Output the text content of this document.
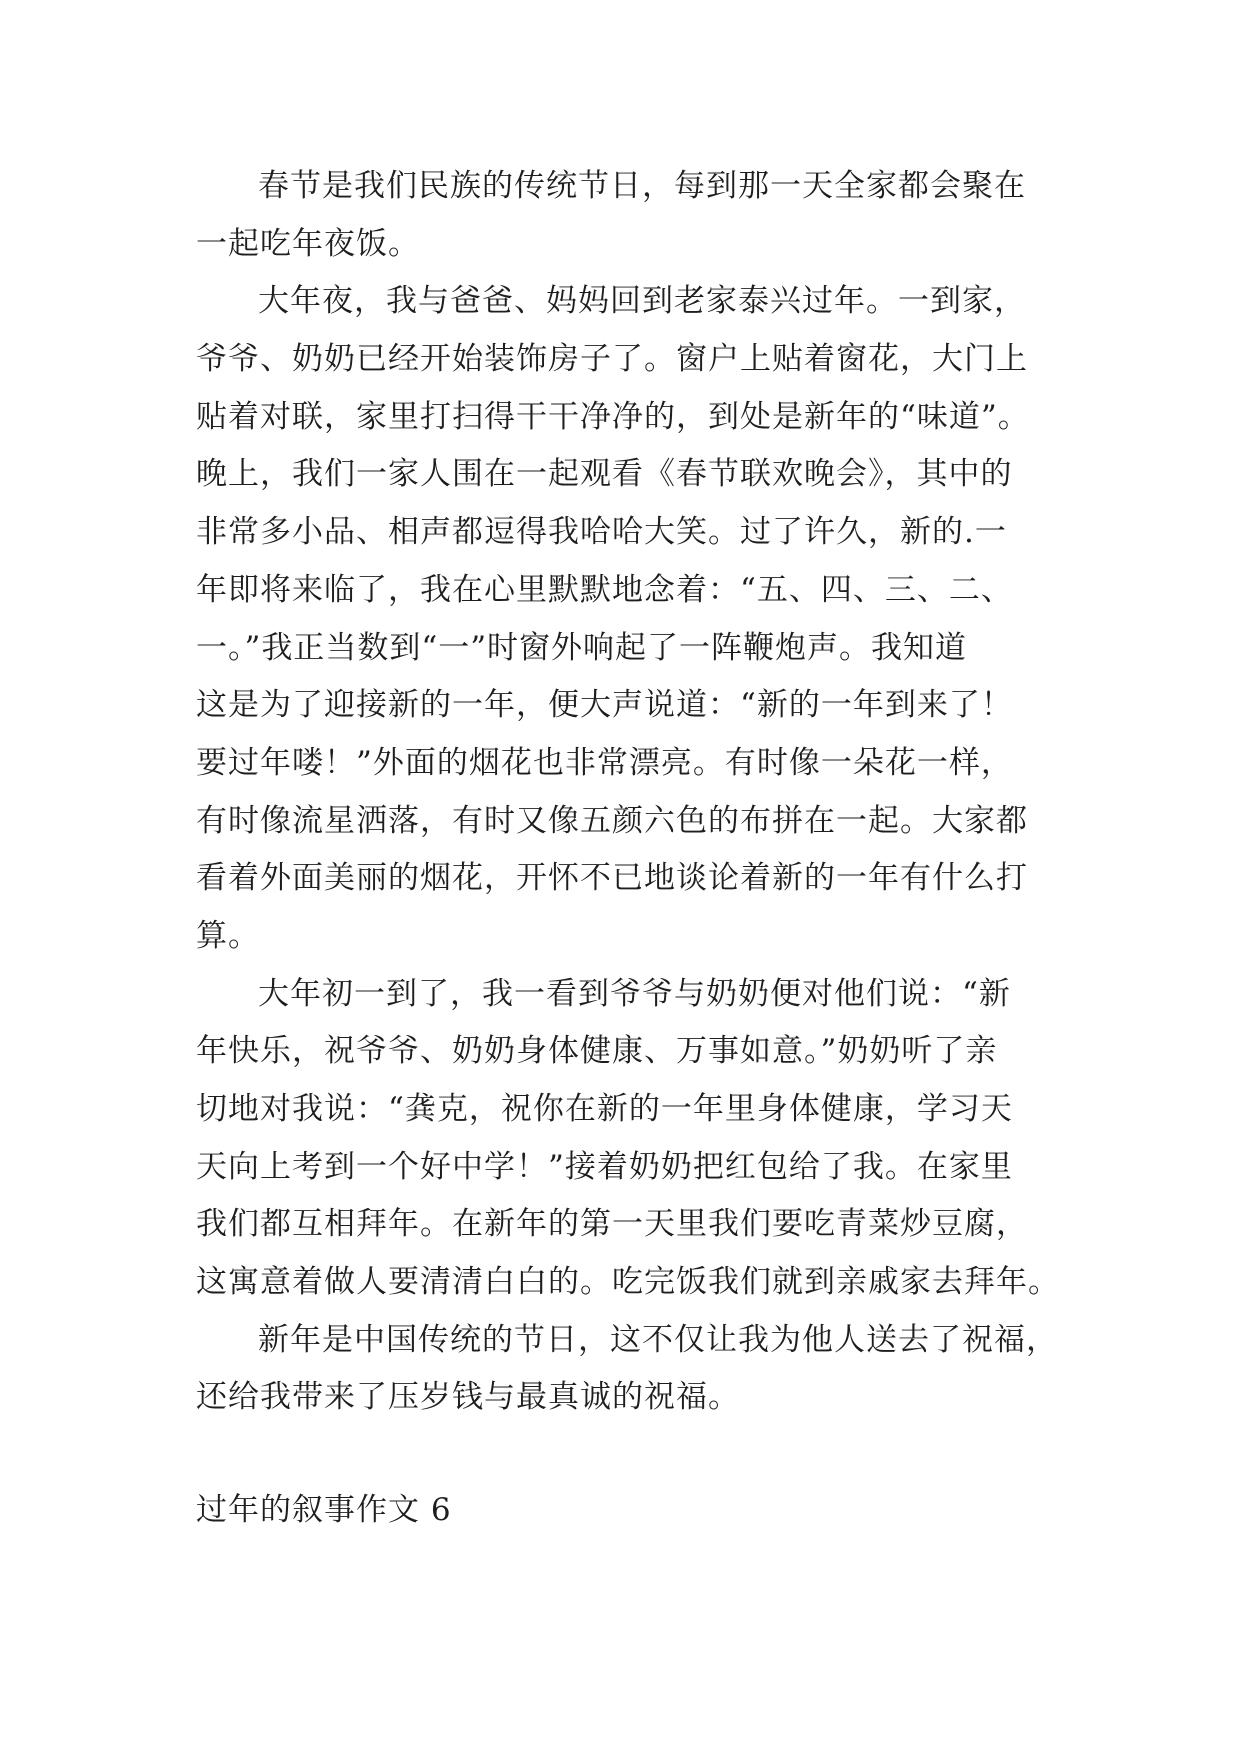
春节是我们民族的传统节日，每到那一天全家都会聚在
一起吃年夜饭。
大年夜，我与爸爸、妈妈回到老家泰兴过年。一到家，
爷爷、奶奶已经开始装饰房子了。窗户上贴着窗花，大门上
贴着对联，家里打扫得干干净净的，到处是新年的“味道”。
晚上，我们一家人围在一起观看《春节联欢晚会》，其中的
非常多小品、相声都逗得我哈哈大笑。过了许久，新的.一
年即将来临了，我在心里默默地念着：“五、四、三、二、
一。”我正当数到“一”时窗外响起了一阵鞭炮声。我知道
这是为了迎接新的一年，便大声说道：“新的一年到来了！
要过年喽！”外面的烟花也非常漂亮。有时像一朵花一样，
有时像流星洒落，有时又像五颜六色的布拼在一起。大家都
看着外面美丽的烟花，开怀不已地谈论着新的一年有什么打
算。
大年初一到了，我一看到爷爷与奶奶便对他们说：“新
年快乐，祝爷爷、奶奶身体健康、万事如意。”奶奶听了亲
切地对我说：“龚克，祝你在新的一年里身体健康，学习天
天向上考到一个好中学！”接着奶奶把红包给了我。在家里
我们都互相拜年。在新年的第一天里我们要吃青菜炒豆腐，
这寓意着做人要清清白白的。吃完饭我们就到亲戚家去拜年。
新年是中国传统的节日，这不仅让我为他人送去了祝福，
还给我带来了压岁钱与最真诚的祝福。
过年的叙事作文 6
